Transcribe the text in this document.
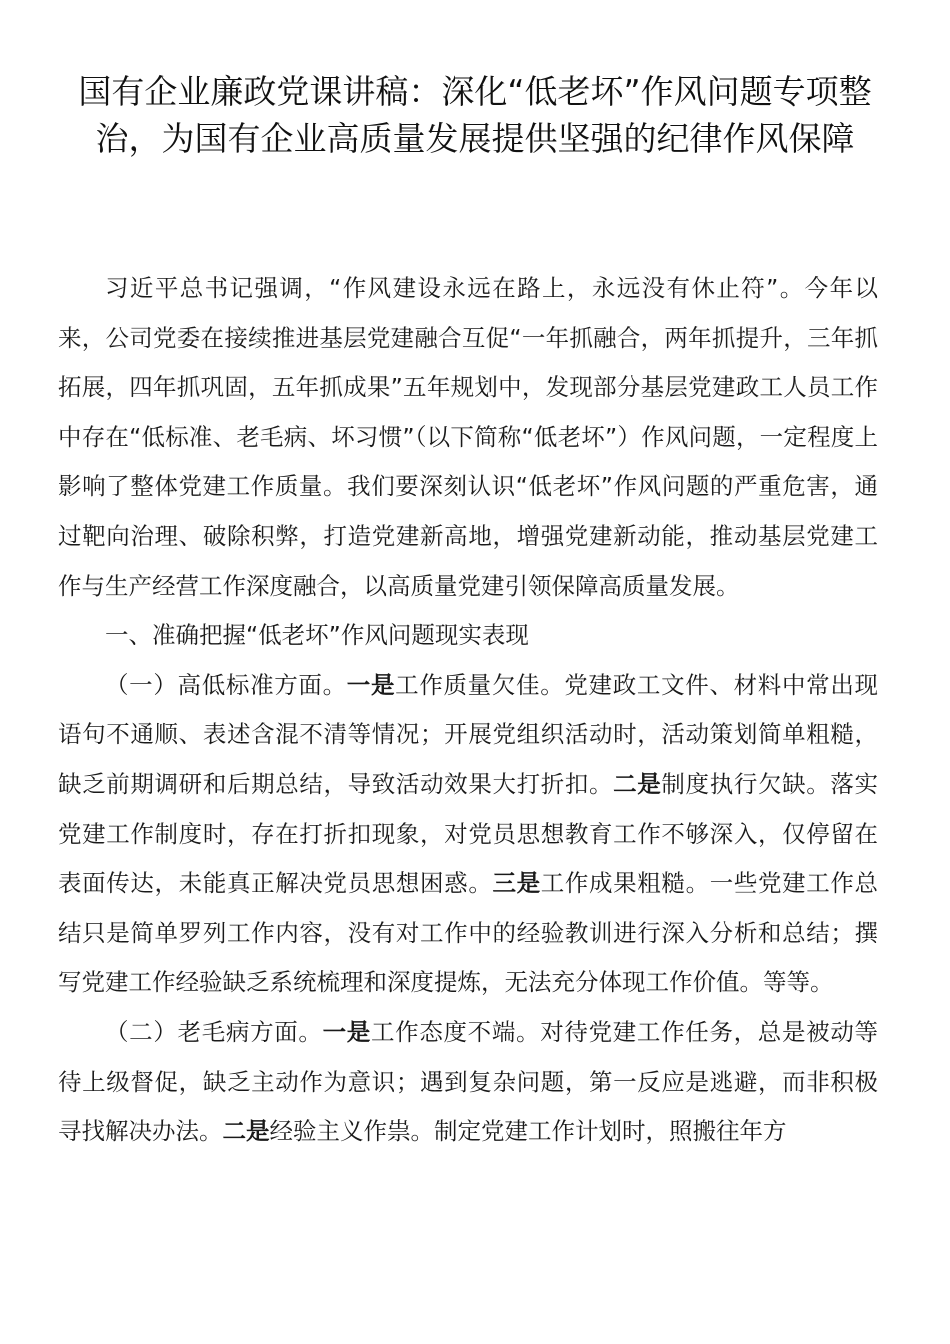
国有企业廉政党课讲稿：深化“低老坏”作风问题专项整治，为国有企业高质量发展提供坚强的纪律作风保障

习近平总书记强调，“作风建设永远在路上，永远没有休止符”。今年以来，公司党委在接续推进基层党建融合互促“一年抓融合，两年抓提升，三年抓拓展，四年抓巩固，五年抓成果”五年规划中，发现部分基层党建政工人员工作中存在“低标准、老毛病、坏习惯”（以下简称“低老坏”）作风问题，一定程度上影响了整体党建工作质量。我们要深刻认识“低老坏”作风问题的严重危害，通过靶向治理、破除积弊，打造党建新高地，增强党建新动能，推动基层党建工作与生产经营工作深度融合，以高质量党建引领保障高质量发展。

一、准确把握“低老坏”作风问题现实表现

（一）高低标准方面。一是工作质量欠佳。党建政工文件、材料中常出现语句不通顺、表述含混不清等情况；开展党组织活动时，活动策划简单粗糙，缺乏前期调研和后期总结，导致活动效果大打折扣。二是制度执行欠缺。落实党建工作制度时，存在打折扣现象，对党员思想教育工作不够深入，仅停留在表面传达，未能真正解决党员思想困惑。三是工作成果粗糙。一些党建工作总结只是简单罗列工作内容，没有对工作中的经验教训进行深入分析和总结；撰写党建工作经验缺乏系统梳理和深度提炼，无法充分体现工作价值。等等。

（二）老毛病方面。一是工作态度不端。对待党建工作任务，总是被动等待上级督促，缺乏主动作为意识；遇到复杂问题，第一反应是逃避，而非积极寻找解决办法。二是经验主义作祟。制定党建工作计划时，照搬往年方
